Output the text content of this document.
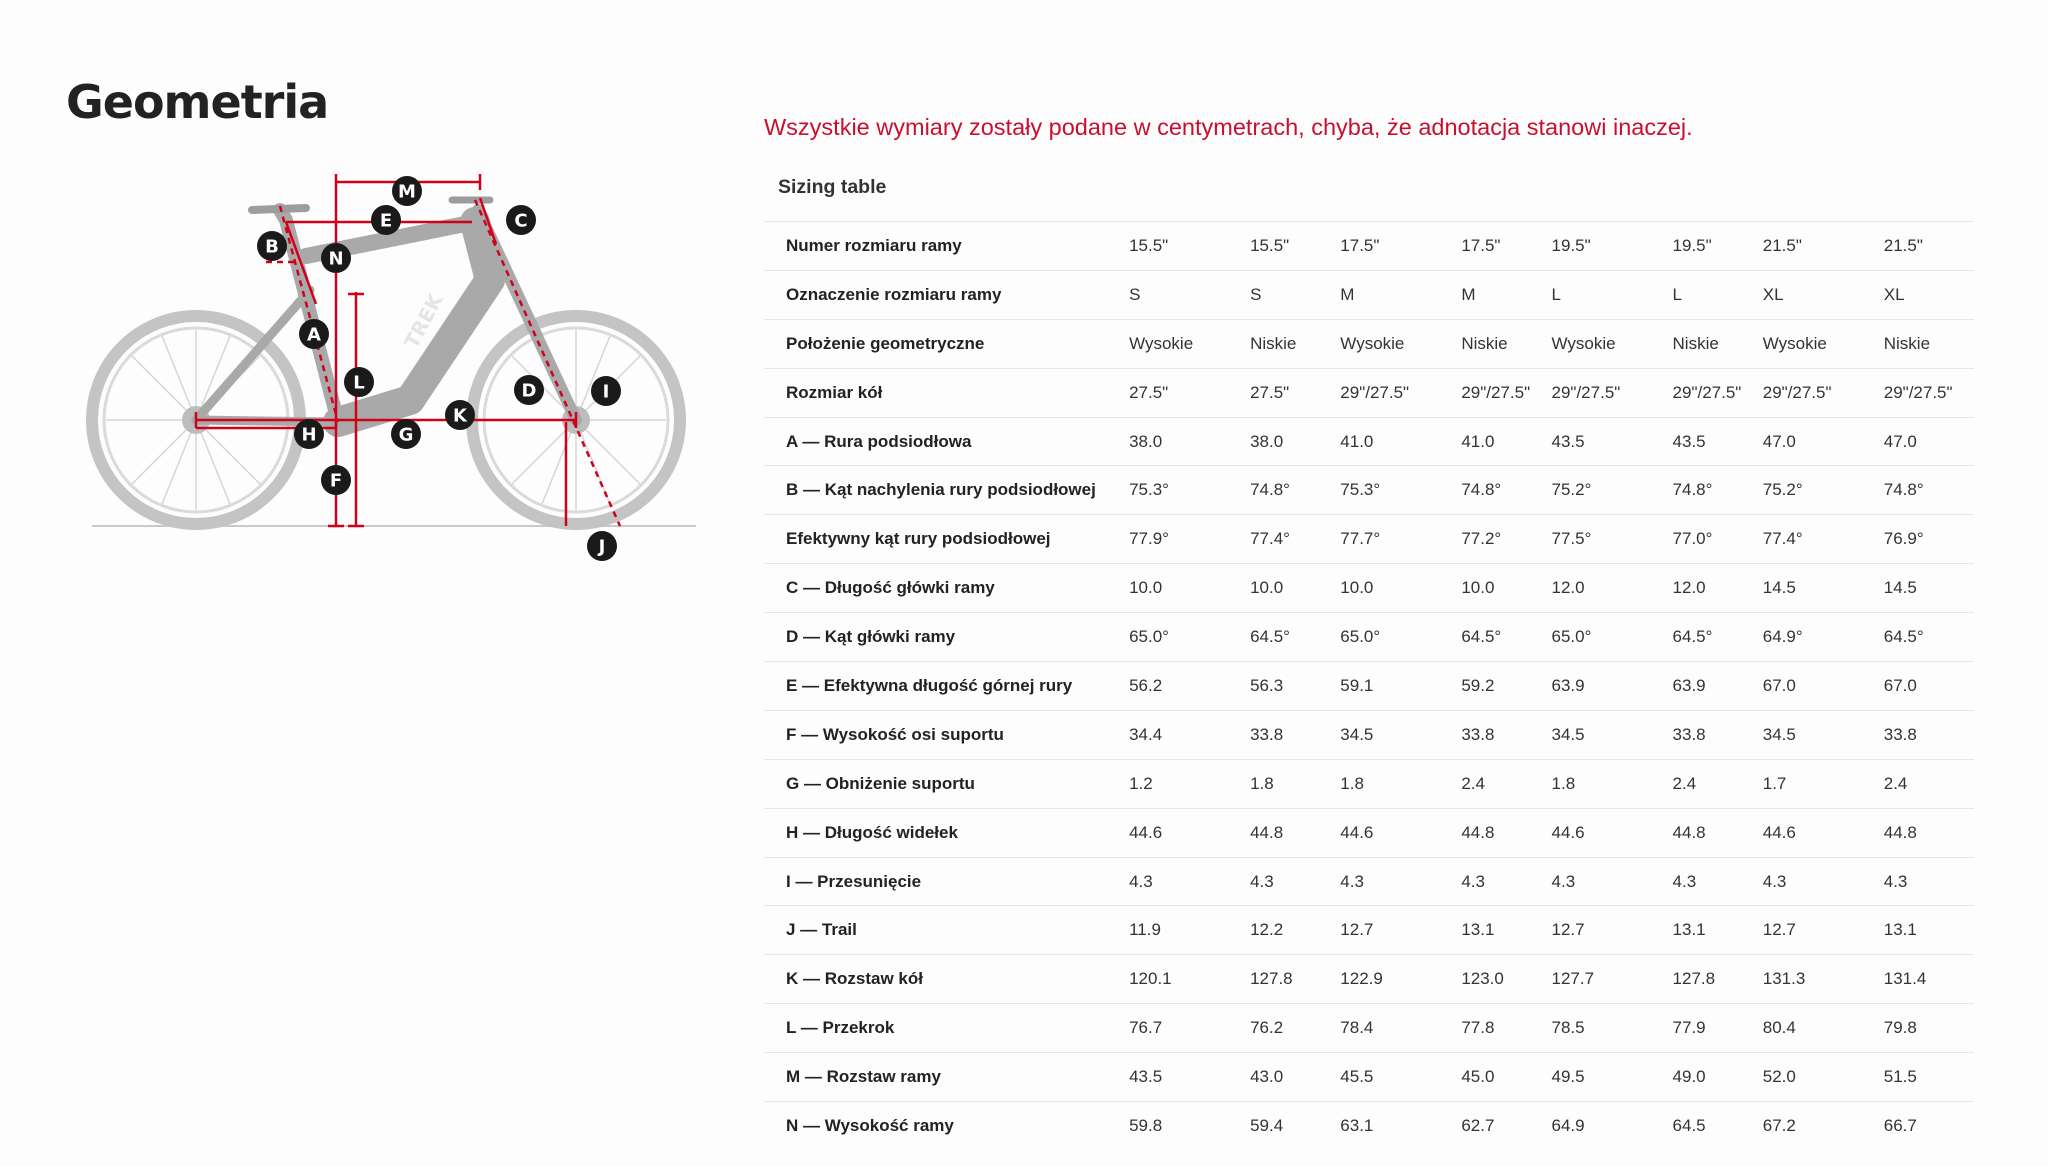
Geometria
TREK
M
E	C
B
N
A
L	D	I
K
H	G
F
J
Wszystkie wymiary zostały podane w centymetrach, chyba, że adnotacja stanowi inaczej.
Sizing table
Numer rozmiaru ramy	15.5"	15.5"	17.5"	17.5"	19.5"	19.5"	21.5"	21.5"
Oznaczenie rozmiaru ramy	S	S	M	M	L	L	XL	XL
Położenie geometryczne	Wysokie	Niskie	Wysokie	Niskie	Wysokie	Niskie	Wysokie	Niskie
Rozmiar kół	27.5"	27.5"	29"/27.5"	29"/27.5"	29"/27.5"	29"/27.5"	29"/27.5"	29"/27.5"
A — Rura podsiodłowa	38.0	38.0	41.0	41.0	43.5	43.5	47.0	47.0
B — Kąt nachylenia rury podsiodłowej	75.3°	74.8°	75.3°	74.8°	75.2°	74.8°	75.2°	74.8°
Efektywny kąt rury podsiodłowej	77.9°	77.4°	77.7°	77.2°	77.5°	77.0°	77.4°	76.9°
C — Długość główki ramy	10.0	10.0	10.0	10.0	12.0	12.0	14.5	14.5
D — Kąt główki ramy	65.0°	64.5°	65.0°	64.5°	65.0°	64.5°	64.9°	64.5°
E — Efektywna długość górnej rury	56.2	56.3	59.1	59.2	63.9	63.9	67.0	67.0
F — Wysokość osi suportu	34.4	33.8	34.5	33.8	34.5	33.8	34.5	33.8
G — Obniżenie suportu	1.2	1.8	1.8	2.4	1.8	2.4	1.7	2.4
H — Długość widełek	44.6	44.8	44.6	44.8	44.6	44.8	44.6	44.8
I — Przesunięcie	4.3	4.3	4.3	4.3	4.3	4.3	4.3	4.3
J — Trail	11.9	12.2	12.7	13.1	12.7	13.1	12.7	13.1
K — Rozstaw kół	120.1	127.8	122.9	123.0	127.7	127.8	131.3	131.4
L — Przekrok	76.7	76.2	78.4	77.8	78.5	77.9	80.4	79.8
M — Rozstaw ramy	43.5	43.0	45.5	45.0	49.5	49.0	52.0	51.5
N — Wysokość ramy	59.8	59.4	63.1	62.7	64.9	64.5	67.2	66.7
